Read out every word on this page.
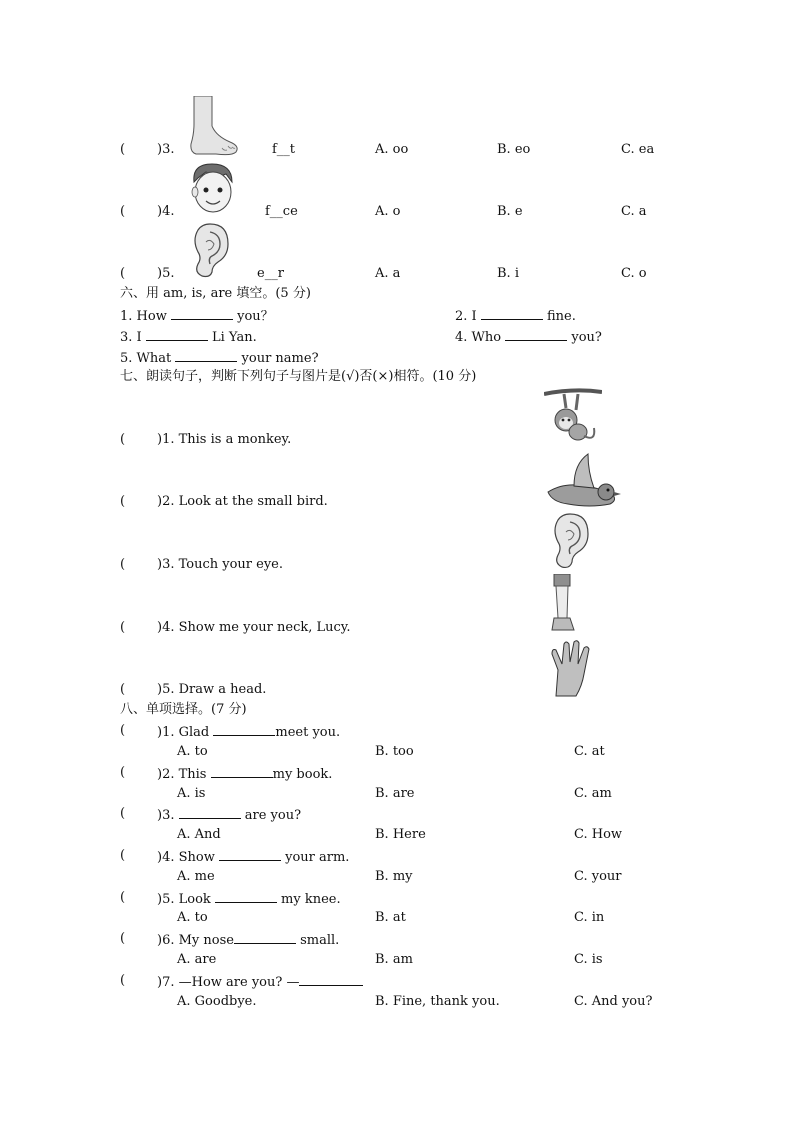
( )3.	f__t	A. oo	B. eo	C. ea
( )4.	f__ce	A. o	B. e	C. a
( )5.	e__r	A. a	B. i	C. o
六、用 am, is, are 填空。(5 分)
1. How	you？	2. I	fine.
3. I	Li Yan.	4. Who	you?
5. What	your name?
七、朗读句子，判断下列句子与图片是(√)否(×)相符。(10 分)
( )1. This is a monkey.
( )2. Look at the small bird.
( )3. Touch your eye.
( )4. Show me your neck, Lucy.
( )5. Draw a head.
八、单项选择。(7 分)
( )1. Glad	meet you.
A. to	B. too	C. at
( )2. This	my book.
A. is	B. are	C. am
( )3.	are you?
A. And	B. Here	C. How
( )4. Show	your arm.
A. me	B. my	C. your
( )5. Look	my knee.
A. to	B. at	C. in
( )6. My nose	small.
A. are	B. am	C. is
( )7. —How are you? —
A. Goodbye.	B. Fine, thank you.	C. And you?
